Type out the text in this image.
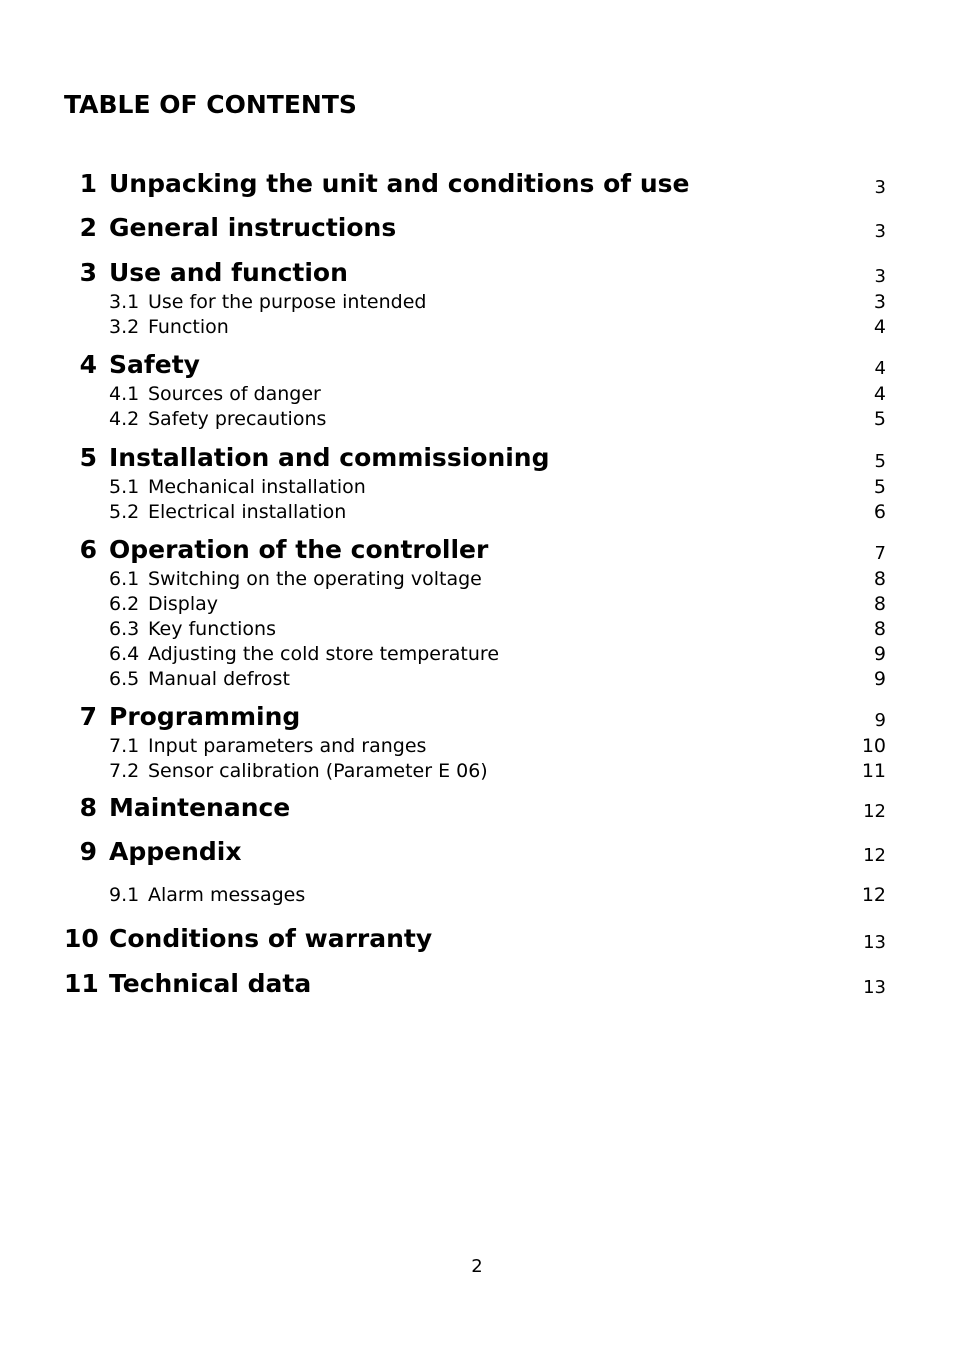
TABLE OF CONTENTS
1 Unpacking the unit and conditions of use	3
2 General instructions	3
3 Use and function	3
3.1 Use for the purpose intended	3
3.2 Function	4
4 Safety	4
4.1 Sources of danger	4
4.2 Safety precautions	5
5 Installation and commissioning	5
5.1 Mechanical installation	5
5.2 Electrical installation	6
6 Operation of the controller	7
6.1 Switching on the operating voltage	8
6.2 Display	8
6.3 Key functions	8
6.4 Adjusting the cold store temperature	9
6.5 Manual defrost	9
7 Programming	9
7.1 Input parameters and ranges	10
7.2 Sensor calibration (Parameter E 06)	11
8 Maintenance	12
9 Appendix	12
9.1 Alarm messages	12
10 Conditions of warranty	13
11 Technical data	13
2
